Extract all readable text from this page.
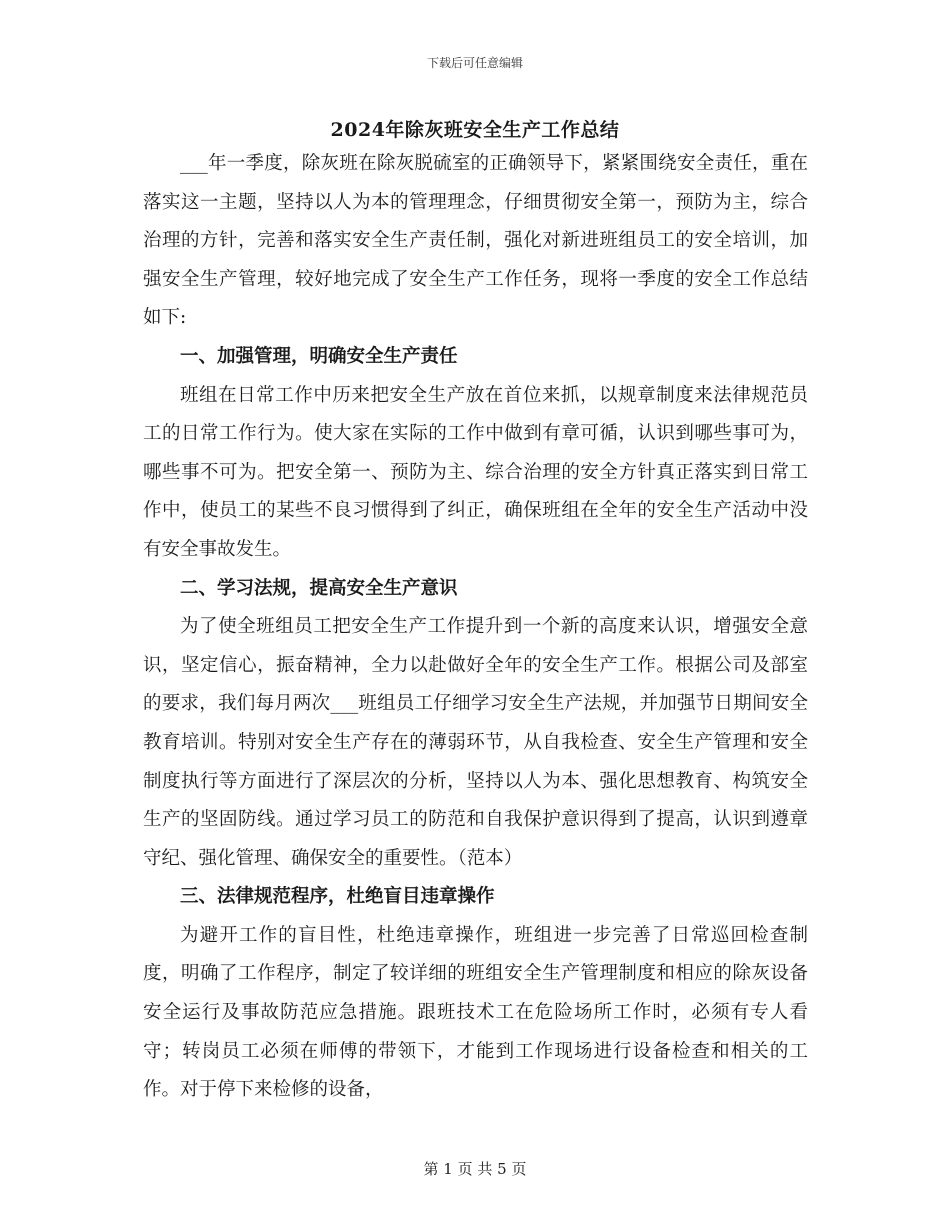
下载后可任意编辑
2024年除灰班安全生产工作总结

___年一季度，除灰班在除灰脱硫室的正确领导下，紧紧围绕安全责任，重在落实这一主题，坚持以人为本的管理理念，仔细贯彻安全第一，预防为主，综合治理的方针，完善和落实安全生产责任制，强化对新进班组员工的安全培训，加强安全生产管理，较好地完成了安全生产工作任务，现将一季度的安全工作总结如下:

一、加强管理，明确安全生产责任

班组在日常工作中历来把安全生产放在首位来抓，以规章制度来法律规范员工的日常工作行为。使大家在实际的工作中做到有章可循，认识到哪些事可为，哪些事不可为。把安全第一、预防为主、综合治理的安全方针真正落实到日常工作中，使员工的某些不良习惯得到了纠正，确保班组在全年的安全生产活动中没有安全事故发生。

二、学习法规，提高安全生产意识

为了使全班组员工把安全生产工作提升到一个新的高度来认识，增强安全意识，坚定信心，振奋精神，全力以赴做好全年的安全生产工作。根据公司及部室的要求，我们每月两次___班组员工仔细学习安全生产法规，并加强节日期间安全教育培训。特别对安全生产存在的薄弱环节，从自我检查、安全生产管理和安全制度执行等方面进行了深层次的分析，坚持以人为本、强化思想教育、构筑安全生产的坚固防线。通过学习员工的防范和自我保护意识得到了提高，认识到遵章守纪、强化管理、确保安全的重要性。（范本）

三、法律规范程序，杜绝盲目违章操作

为避开工作的盲目性，杜绝违章操作，班组进一步完善了日常巡回检查制度，明确了工作程序，制定了较详细的班组安全生产管理制度和相应的除灰设备安全运行及事故防范应急措施。跟班技术工在危险场所工作时，必须有专人看守；转岗员工必须在师傅的带领下，才能到工作现场进行设备检查和相关的工作。对于停下来检修的设备，

第 1 页 共 5 页
